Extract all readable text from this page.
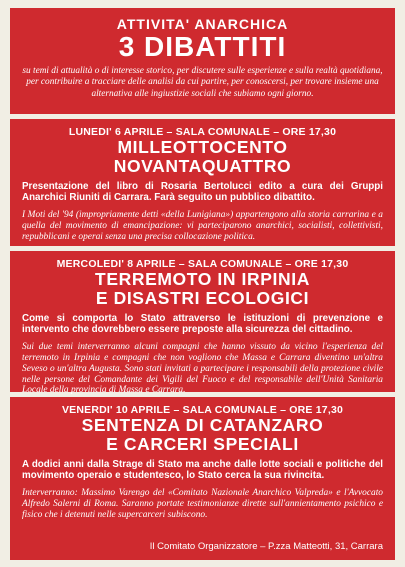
ATTIVITA' ANARCHICA
3 DIBATTITI
su temi di attualità o di interesse storico, per discutere sulle esperienze e sulla realtà quotidiana, per contribuire a tracciare delle analisi da cui partire, per conoscersi, per trovare insieme una alternativa alle ingiustizie sociali che subiamo ogni giorno.
LUNEDI' 6 APRILE – SALA COMUNALE – ORE 17,30
MILLEOTTOCENTO
NOVANTAQUATTRO
Presentazione del libro di Rosaria Bertolucci edito a cura dei Gruppi Anarchici Riuniti di Carrara. Farà seguito un pubblico dibattito.
I Moti del '94 (impropriamente detti «della Lunigiana») appartengono alla storia carrarina e a quella del movimento di emancipazione: vi parteciparono anarchici, socialisti, collettivisti, repubblicani e operai senza una precisa collocazione politica.
MERCOLEDI' 8 APRILE – SALA COMUNALE – ORE 17,30
TERREMOTO IN IRPINIA
E DISASTRI ECOLOGICI
Come si comporta lo Stato attraverso le istituzioni di prevenzione e intervento che dovrebbero essere preposte alla sicurezza del cittadino.
Sui due temi interverranno alcuni compagni che hanno vissuto da vicino l'esperienza del terremoto in Irpinia e compagni che non vogliono che Massa e Carrara diventino un'altra Seveso o un'altra Augusta. Sono stati invitati a partecipare i responsabili della protezione civile nelle persone del Comandante dei Vigili del Fuoco e del responsabile dell'Unità Sanitaria Locale della provincia di Massa e Carrara.
VENERDI' 10 APRILE – SALA COMUNALE – ORE 17,30
SENTENZA DI CATANZARO
E CARCERI SPECIALI
A dodici anni dalla Strage di Stato ma anche dalle lotte sociali e politiche del movimento operaio e studentesco, lo Stato cerca la sua rivincita.
Interverranno: Massimo Varengo del «Comitato Nazionale Anarchico Valpreda» e l'Avvocato Alfredo Salerni di Roma. Saranno portate testimonianze dirette sull'annientamento psichico e fisico che i detenuti nelle supercarceri subiscono.
Il Comitato Organizzatore – P.zza Matteotti, 31, Carrara
